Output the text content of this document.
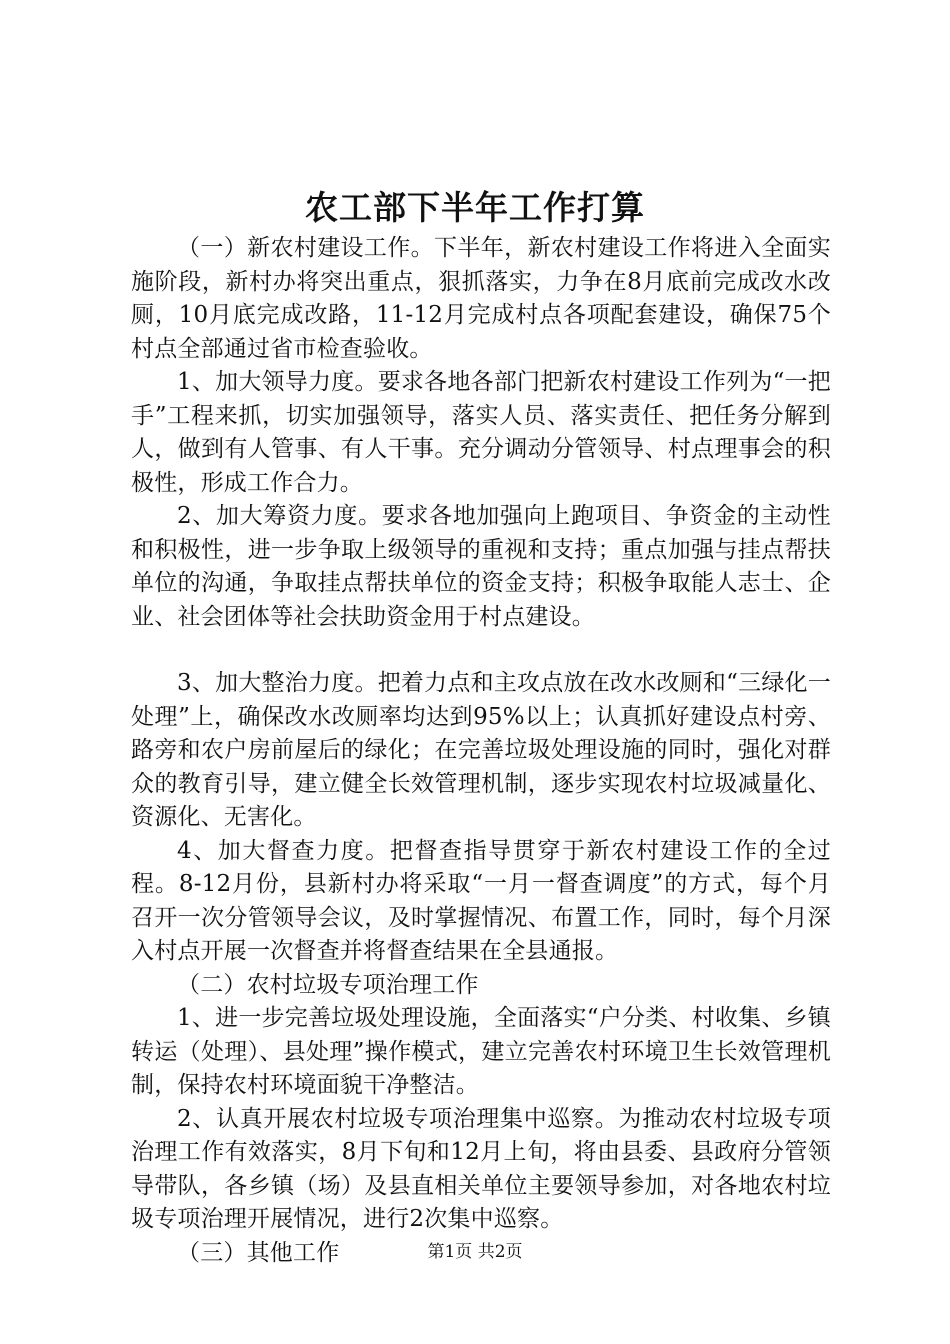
农工部下半年工作打算

（一）新农村建设工作。下半年，新农村建设工作将进入全面实施阶段，新村办将突出重点，狠抓落实，力争在8月底前完成改水改厕，10月底完成改路，11-12月完成村点各项配套建设，确保75个村点全部通过省市检查验收。

1、加大领导力度。要求各地各部门把新农村建设工作列为“一把手”工程来抓，切实加强领导，落实人员、落实责任、把任务分解到人，做到有人管事、有人干事。充分调动分管领导、村点理事会的积极性，形成工作合力。

2、加大筹资力度。要求各地加强向上跑项目、争资金的主动性和积极性，进一步争取上级领导的重视和支持；重点加强与挂点帮扶单位的沟通，争取挂点帮扶单位的资金支持；积极争取能人志士、企业、社会团体等社会扶助资金用于村点建设。

3、加大整治力度。把着力点和主攻点放在改水改厕和“三绿化一处理”上，确保改水改厕率均达到95%以上；认真抓好建设点村旁、路旁和农户房前屋后的绿化；在完善垃圾处理设施的同时，强化对群众的教育引导，建立健全长效管理机制，逐步实现农村垃圾减量化、资源化、无害化。

4、加大督查力度。把督查指导贯穿于新农村建设工作的全过程。8-12月份，县新村办将采取“一月一督查调度”的方式，每个月召开一次分管领导会议，及时掌握情况、布置工作，同时，每个月深入村点开展一次督查并将督查结果在全县通报。

（二）农村垃圾专项治理工作

1、进一步完善垃圾处理设施，全面落实“户分类、村收集、乡镇转运（处理）、县处理”操作模式，建立完善农村环境卫生长效管理机制，保持农村环境面貌干净整洁。

2、认真开展农村垃圾专项治理集中巡察。为推动农村垃圾专项治理工作有效落实，8月下旬和12月上旬，将由县委、县政府分管领导带队，各乡镇（场）及县直相关单位主要领导参加，对各地农村垃圾专项治理开展情况，进行2次集中巡察。

（三）其他工作	第1页 共2页
